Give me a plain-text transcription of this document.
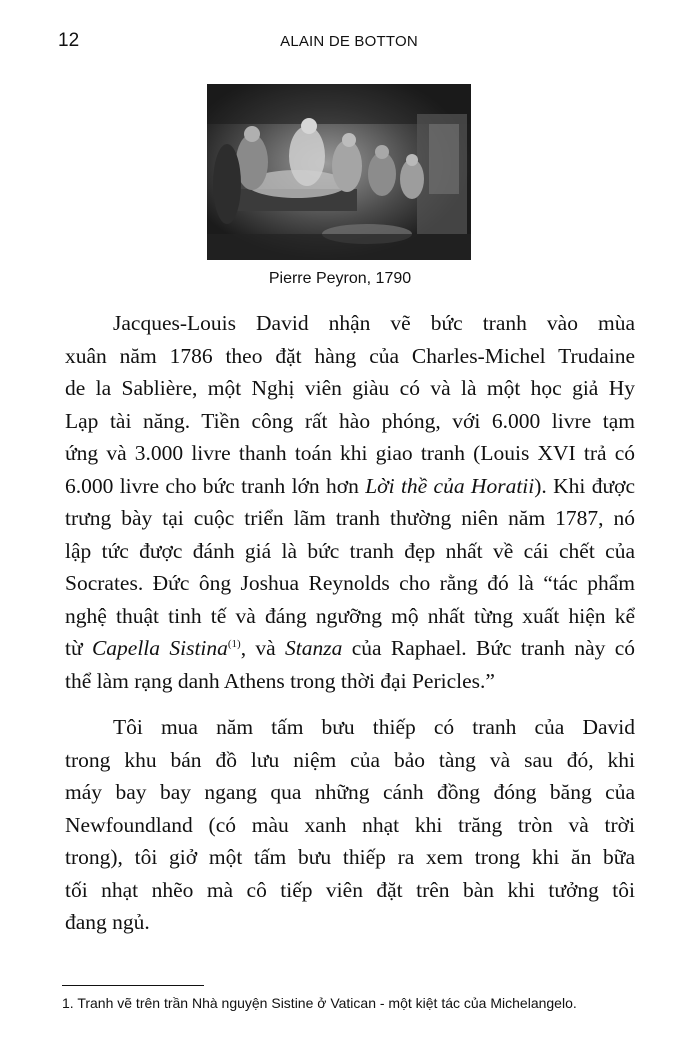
12	ALAIN DE BOTTON
Pierre Peyron, 1790

Jacques-Louis David nhận vẽ bức tranh vào mùa
xuân năm 1786 theo đặt hàng của Charles-Michel Trudaine
de la Sablière, một Nghị viên giàu có và là một học giả Hy
Lạp tài năng. Tiền công rất hào phóng, với 6.000 livre tạm
ứng và 3.000 livre thanh toán khi giao tranh (Louis XVI trả có
6.000 livre cho bức tranh lớn hơn Lời thề của Horatii). Khi được
trưng bày tại cuộc triển lãm tranh thường niên năm 1787, nó
lập tức được đánh giá là bức tranh đẹp nhất về cái chết của
Socrates. Đức ông Joshua Reynolds cho rằng đó là “tác phẩm
nghệ thuật tinh tế và đáng ngưỡng mộ nhất từng xuất hiện kể
từ Capella Sistina$^{(1)}$, và Stanza của Raphael. Bức tranh này có
thể làm rạng danh Athens trong thời đại Pericles.”

Tôi mua năm tấm bưu thiếp có tranh của David
trong khu bán đồ lưu niệm của bảo tàng và sau đó, khi
máy bay bay ngang qua những cánh đồng đóng băng của
Newfoundland (có màu xanh nhạt khi trăng tròn và trời
trong), tôi giở một tấm bưu thiếp ra xem trong khi ăn bữa
tối nhạt nhẽo mà cô tiếp viên đặt trên bàn khi tưởng tôi
đang ngủ.

1. Tranh vẽ trên trần Nhà nguyện Sistine ở Vatican - một kiệt tác của Michelangelo.
